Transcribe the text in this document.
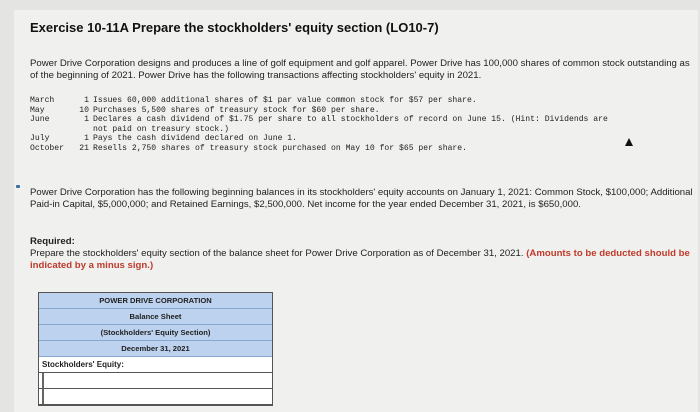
Exercise 10-11A Prepare the stockholders' equity section (LO10-7)
Power Drive Corporation designs and produces a line of golf equipment and golf apparel. Power Drive has 100,000 shares of common stock outstanding as of the beginning of 2021. Power Drive has the following transactions affecting stockholders' equity in 2021.
March	1 Issues 60,000 additional shares of $1 par value common stock for $57 per share.
May	10 Purchases 5,500 shares of treasury stock for $60 per share.
June	1 Declares a cash dividend of $1.75 per share to all stockholders of record on June 15. (Hint: Dividends are
not paid on treasury stock.)
July	1 Pays the cash dividend declared on June 1.
October	21 Resells 2,750 shares of treasury stock purchased on May 10 for $65 per share.
Power Drive Corporation has the following beginning balances in its stockholders' equity accounts on January 1, 2021: Common Stock, $100,000; Additional Paid-in Capital, $5,000,000; and Retained Earnings, $2,500,000. Net income for the year ended December 31, 2021, is $650,000.
Required:
Prepare the stockholders' equity section of the balance sheet for Power Drive Corporation as of December 31, 2021. (Amounts to be deducted should be indicated by a minus sign.)
POWER DRIVE CORPORATION
Balance Sheet
(Stockholders' Equity Section)
December 31, 2021
Stockholders' Equity:
